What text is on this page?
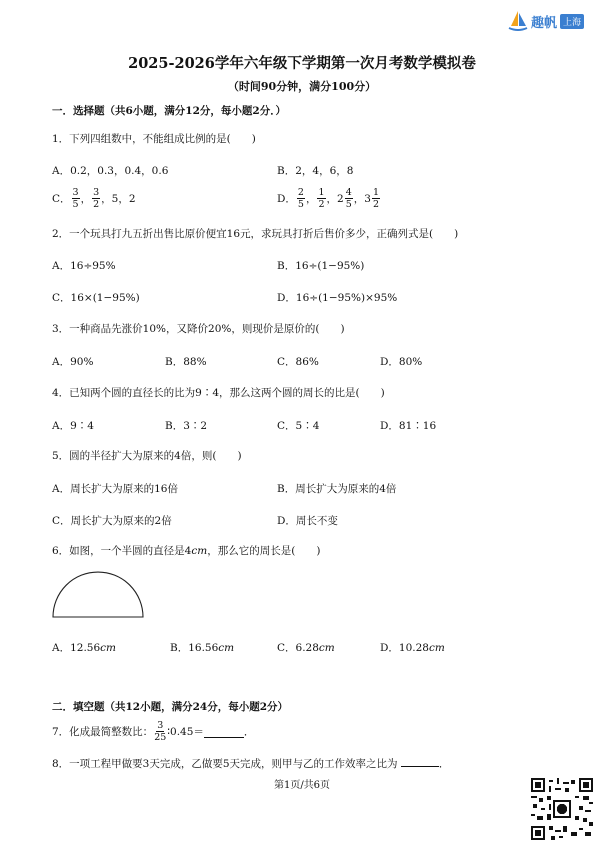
趣帆 上海
2025-2026学年六年级下学期第一次月考数学模拟卷
（时间90分钟，满分100分）
一．选择题（共6小题，满分12分，每小题2分．）
1．下列四组数中，不能组成比例的是(　　)
A．0.2，0.3，0.4，0.6	B．2，4，6，8
C． $\frac{3}{5}$ ， $\frac{3}{2}$ ，5，2	D． $\frac{2}{5}$ ， $\frac{1}{2}$ ， $2 \frac{4}{5}$ ， $3 \frac{1}{2}$
2．一个玩具打九五折出售比原价便宜16元，求玩具打折后售价多少，正确列式是(　　)
A．16÷95%	B．16÷(1−95%)
C．16×(1−95%)	D．16÷(1−95%)×95%
3．一种商品先涨价10%，又降价20%，则现价是原价的(　　)
A．90%	B．88%	C．86%	D．80%
4．已知两个圆的直径长的比为9∶4，那么这两个圆的周长的比是(　　)
A．9∶4	B．3∶2	C．5∶4	D．81∶16
5．圆的半径扩大为原来的4倍，则(　　)
A．周长扩大为原来的16倍	B．周长扩大为原来的4倍
C．周长扩大为原来的2倍	D．周长不变
6．如图，一个半圆的直径是4cm，那么它的周长是(　　)
A．12.56cm	B．16.56cm	C．6.28cm	D．10.28cm
二．填空题（共12小题，满分24分，每小题2分）
7．化成最简整数比： $\frac{3}{25}$ ∶0.45＝	．
8．一项工程甲做要3天完成，乙做要5天完成，则甲与乙的工作效率之比为	．
第1页/共6页
